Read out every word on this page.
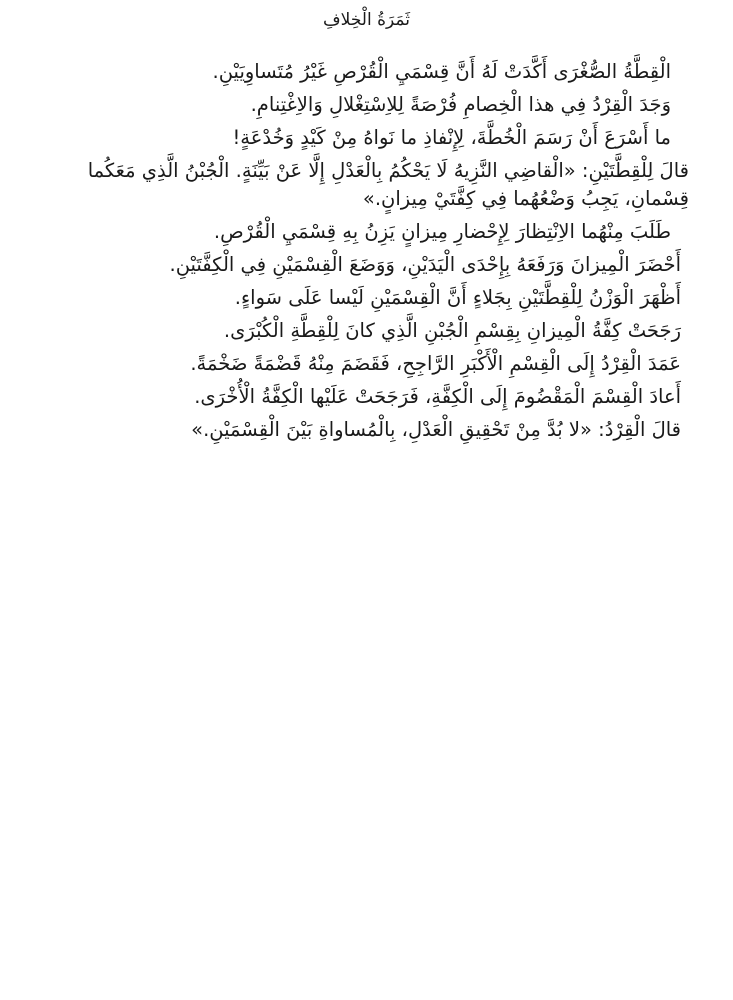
ثَمَرَةُ الْخِلافِ

الْقِطَّةُ الصُّغْرَى أَكَّدَتْ لَهُ أَنَّ قِسْمَيِ الْقُرْصِ غَيْرُ مُتَساوِيَيْنِ.

وَجَدَ الْقِرْدُ فِي هذا الْخِصامِ فُرْصَةً لِلاِسْتِغْلالِ وَالاِغْتِنامِ.

ما أَسْرَعَ أَنْ رَسَمَ الْخُطَّةَ، لِإِنْفاذِ ما نَواهُ مِنْ كَيْدٍ وَخُدْعَةٍ!

قالَ لِلْقِطَّتَيْنِ: «الْقاضِي النَّزِيهُ لَا يَحْكُمُ بِالْعَدْلِ إِلَّا عَنْ بَيِّنَةٍ. الْجُبْنُ الَّذِي مَعَكُما قِسْمانِ، يَجِبُ وَضْعُهُما فِي كِفَّتَيْ مِيزانٍ.»

طَلَبَ مِنْهُما الاِنْتِظارَ لِإِحْضارِ مِيزانٍ يَزِنُ بِهِ قِسْمَيِ الْقُرْصِ.

أَحْضَرَ الْمِيزانَ وَرَفَعَهُ بِإِحْدَى الْيَدَيْنِ، وَوَضَعَ الْقِسْمَيْنِ فِي الْكِفَّتَيْنِ.

أَظْهَرَ الْوَزْنُ لِلْقِطَّتَيْنِ بِجَلاءٍ أَنَّ الْقِسْمَيْنِ لَيْسا عَلَى سَواءٍ.

رَجَحَتْ كِفَّةُ الْمِيزانِ بِقِسْمِ الْجُبْنِ الَّذِي كانَ لِلْقِطَّةِ الْكُبْرَى.

عَمَدَ الْقِرْدُ إِلَى الْقِسْمِ الْأَكْبَرِ الرَّاجِحِ، فَقَضَمَ مِنْهُ قَضْمَةً ضَخْمَةً.

أَعادَ الْقِسْمَ الْمَقْضُومَ إِلَى الْكِفَّةِ، فَرَجَحَتْ عَلَيْها الْكِفَّةُ الْأُخْرَى.

قالَ الْقِرْدُ: «لا بُدَّ مِنْ تَحْقِيقِ الْعَدْلِ، بِالْمُساواةِ بَيْنَ الْقِسْمَيْنِ.»
